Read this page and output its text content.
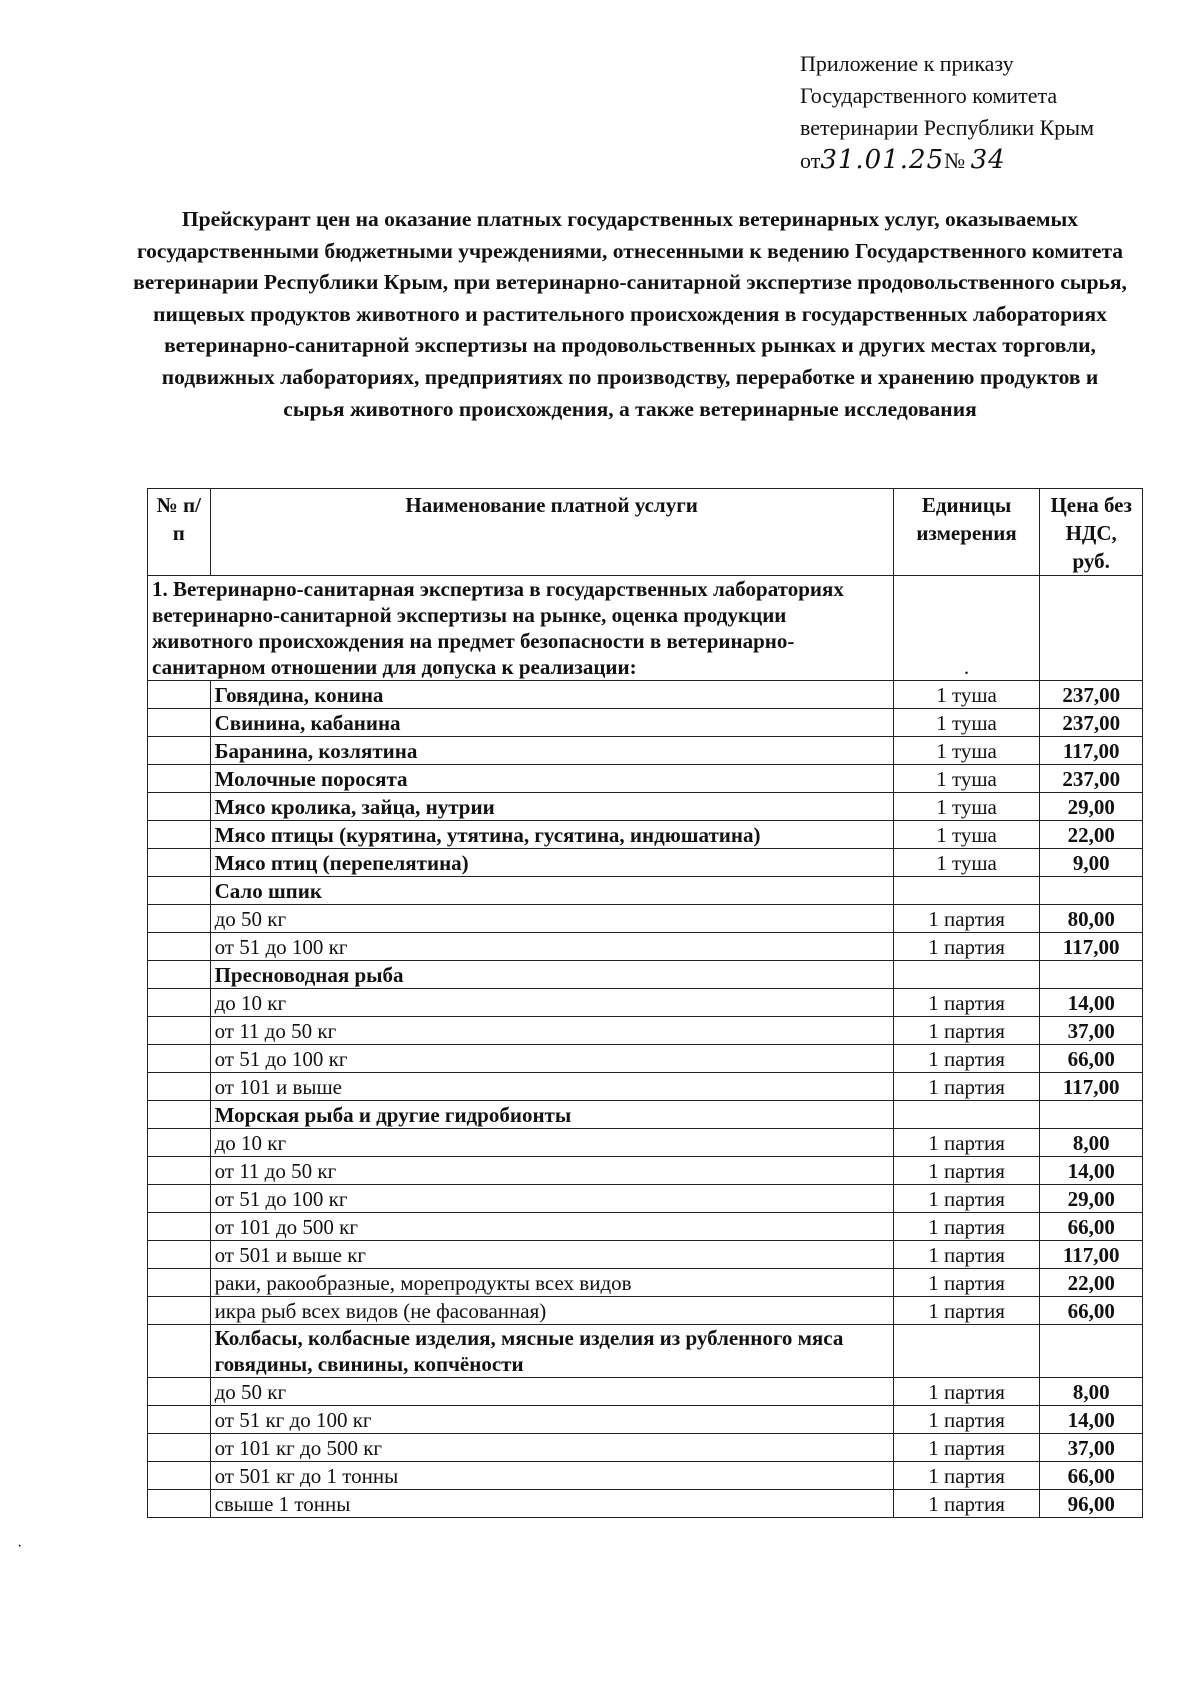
Приложение к приказу
Государственного комитета
ветеринарии Республики Крым
от31.01.25№ 34
Прейскурант цен на оказание платных государственных ветеринарных услуг, оказываемых государственными бюджетными учреждениями, отнесенными к ведению Государственного комитета ветеринарии Республики Крым, при ветеринарно-санитарной экспертизе продовольственного сырья, пищевых продуктов животного и растительного происхождения в государственных лабораториях ветеринарно-санитарной экспертизы на продовольственных рынках и других местах торговли, подвижных лабораториях, предприятиях по производству, переработке и хранению продуктов и сырья животного происхождения, а также ветеринарные исследования
№ п/п	Наименование платной услуги	Единицы измерения	Цена без НДС, руб.
1. Ветеринарно-санитарная экспертиза в государственных лабораториях ветеринарно-санитарной экспертизы на рынке, оценка продукции животного происхождения на предмет безопасности в ветеринарно-санитарном отношении для допуска к реализации:		.	
	Говядина, конина	1 туша	237,00
	Свинина, кабанина	1 туша	237,00
	Баранина, козлятина	1 туша	117,00
	Молочные поросята	1 туша	237,00
	Мясо кролика, зайца, нутрии	1 туша	29,00
	Мясо птицы (курятина, утятина, гусятина, индюшатина)	1 туша	22,00
	Мясо птиц (перепелятина)	1 туша	9,00
	Сало шпик		
	до 50 кг	1 партия	80,00
	от 51 до 100 кг	1 партия	117,00
	Пресноводная рыба		
	до 10 кг	1 партия	14,00
	от 11 до 50 кг	1 партия	37,00
	от 51 до 100 кг	1 партия	66,00
	от 101 и выше	1 партия	117,00
	Морская рыба и другие гидробионты		
	до 10 кг	1 партия	8,00
	от 11 до 50 кг	1 партия	14,00
	от 51 до 100 кг	1 партия	29,00
	от 101 до 500 кг	1 партия	66,00
	от 501 и выше кг	1 партия	117,00
	раки, ракообразные, морепродукты всех видов	1 партия	22,00
	икра рыб всех видов (не фасованная)	1 партия	66,00
	Колбасы, колбасные изделия, мясные изделия из рубленного мяса говядины, свинины, копчёности		
	до 50 кг	1 партия	8,00
	от 51 кг до 100 кг	1 партия	14,00
	от 101 кг до 500 кг	1 партия	37,00
	от 501 кг до 1 тонны	1 партия	66,00
	свыше 1 тонны	1 партия	96,00
·
